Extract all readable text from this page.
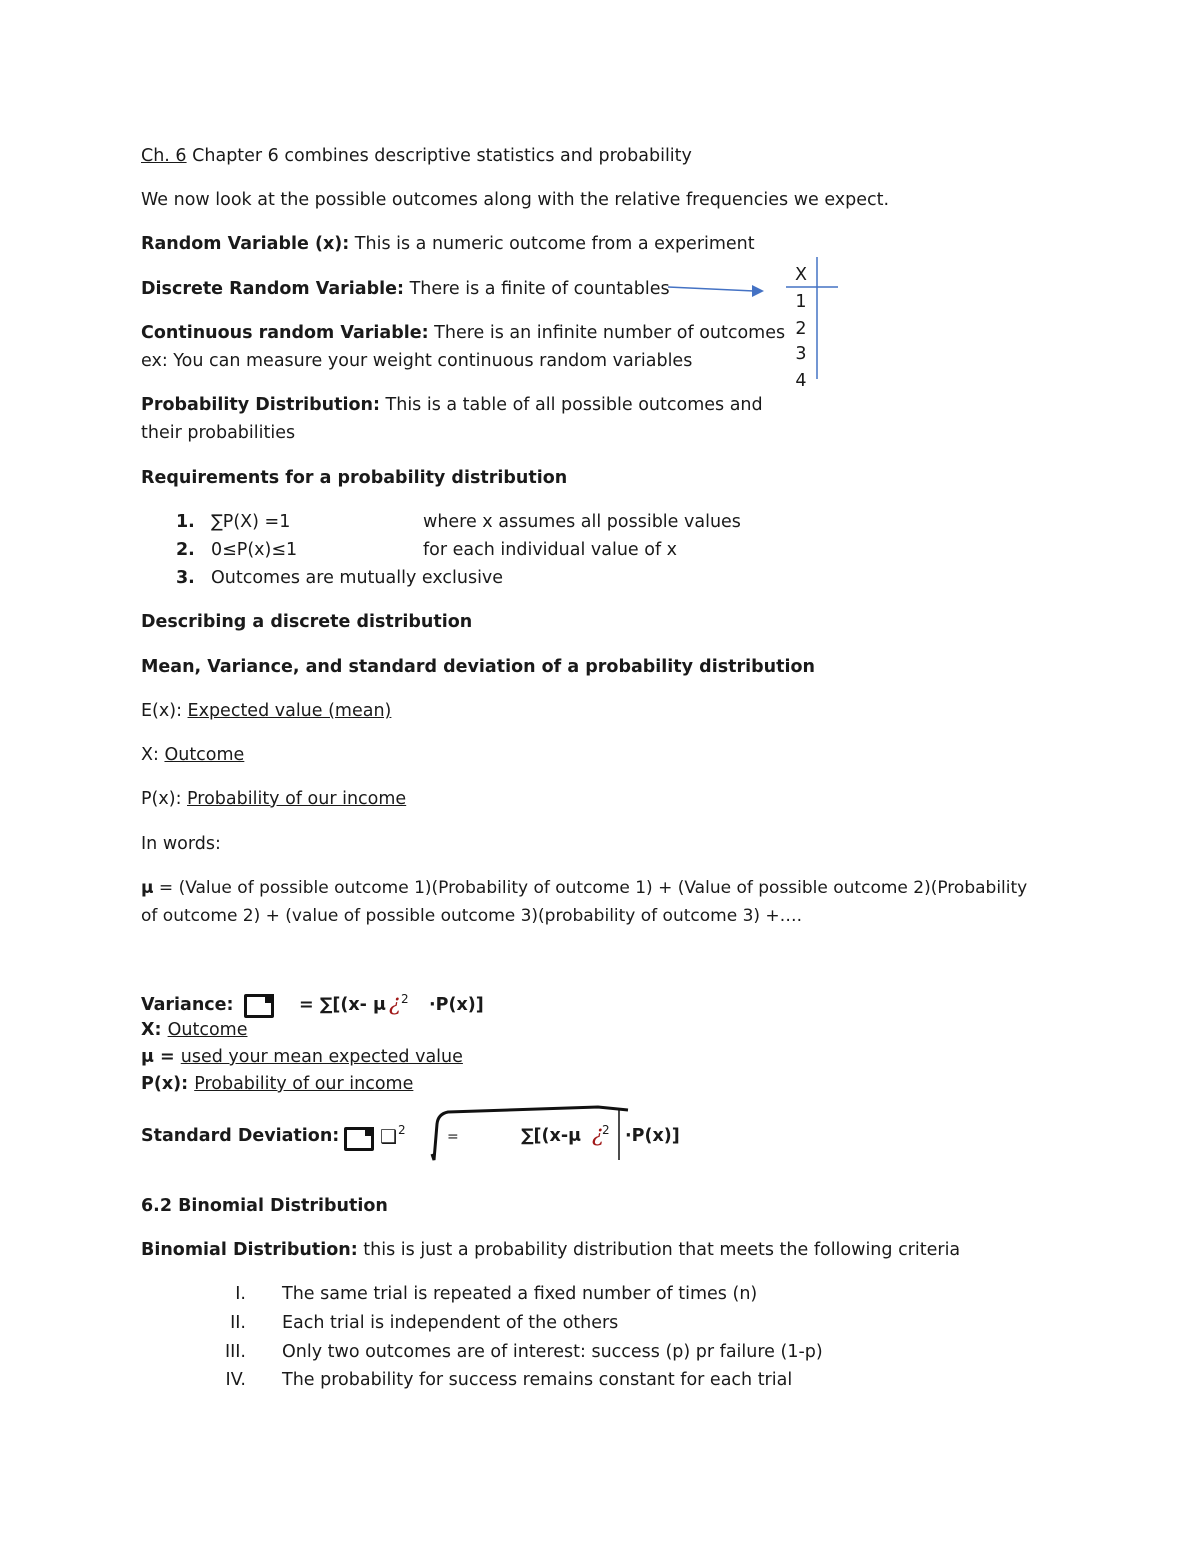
Ch. 6 Chapter 6 combines descriptive statistics and probability
We now look at the possible outcomes along with the relative frequencies we expect.
Random Variable (x): This is a numeric outcome from a experiment
Discrete Random Variable: There is a finite of countables
X
1
2
3
4
Continuous random Variable: There is an infinite number of outcomes
ex: You can measure your weight continuous random variables
Probability Distribution: This is a table of all possible outcomes and
their probabilities
Requirements for a probability distribution
1. ∑P(X) =1	where x assumes all possible values
2. 0≤P(x)≤1	for each individual value of x
3. Outcomes are mutually exclusive
Describing a discrete distribution
Mean, Variance, and standard deviation of a probability distribution
E(x): Expected value (mean)
X: Outcome
P(x): Probability of our income
In words:
μ = (Value of possible outcome 1)(Probability of outcome 1) + (Value of possible outcome 2)(Probability
of outcome 2) + (value of possible outcome 3)(probability of outcome 3) +….
Variance:	= ∑[(x- μ ¿ 2 ·P(x)]
X: Outcome
μ = used your mean expected value
P(x): Probability of our income
Standard Deviation: ❑ 2	=	∑[(x-μ ¿
2 ·P(x)]
6.2 Binomial Distribution
Binomial Distribution: this is just a probability distribution that meets the following criteria
I. The same trial is repeated a fixed number of times (n)
II. Each trial is independent of the others
III. Only two outcomes are of interest: success (p) pr failure (1-p)
IV. The probability for success remains constant for each trial
